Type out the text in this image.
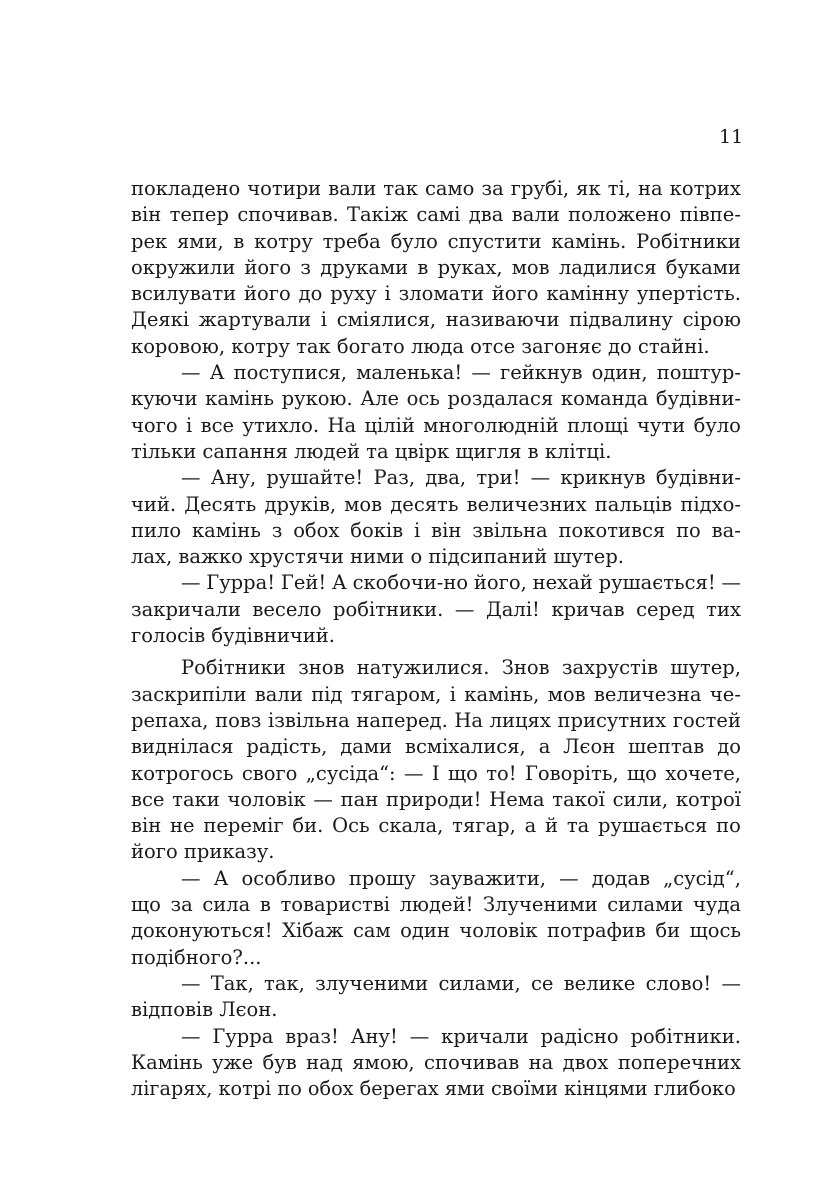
11
покладено чотири вали так само за грубі, як ті, на котрих
він тепер спочивав. Такіж самі два вали положено півпе-
рек ями, в котру треба було спустити камінь. Робітники
окружили його з друками в руках, мов ладилися буками
всилувати його до руху і зломати його камінну упертість.
Деякі жартували і сміялися, називаючи підвалину сірою
коровою, котру так богато люда отсе загоняє до стайні.
— А поступися, маленька! — гейкнув один, поштур-
куючи камінь рукою. Але ось роздалася команда будівни-
чого і все утихло. На цілій многолюдній площі чути було
тільки сапання людей та цвірк щигля в клітці.
— Ану, рушайте! Раз, два, три! — крикнув будівни-
чий. Десять друків, мов десять величезних пальців підхо-
пило камінь з обох боків і він звільна покотився по ва-
лах, важко хрустячи ними о підсипаний шутер.
— Гурра! Гей! А скобочи-но його, нехай рушається! —
закричали весело робітники. — Далі! кричав серед тих
голосів будівничий.
Робітники знов натужилися. Знов захрустів шутер,
заскрипіли вали під тягаром, і камінь, мов величезна че-
репаха, повз ізвільна наперед. На лицях присутних гостей
виднілася радість, дами всміхалися, а Лєон шептав до
котрогось свого „сусіда“: — І що то! Говоріть, що хочете,
все таки чоловік — пан природи! Нема такої сили, котрої
він не переміг би. Ось скала, тягар, а й та рушається по
його приказу.
— А особливо прошу зауважити, — додав „сусід“,
що за сила в товаристві людей! Злученими силами чуда
доконуються! Хібаж сам один чоловік потрафив би щось
подібного?...
— Так, так, злученими силами, се велике слово! —
відповів Лєон.
— Гурра враз! Ану! — кричали радісно робітники.
Камінь уже був над ямою, спочивав на двох поперечних
лігарях, котрі по обох берегах ями своїми кінцями глибоко
